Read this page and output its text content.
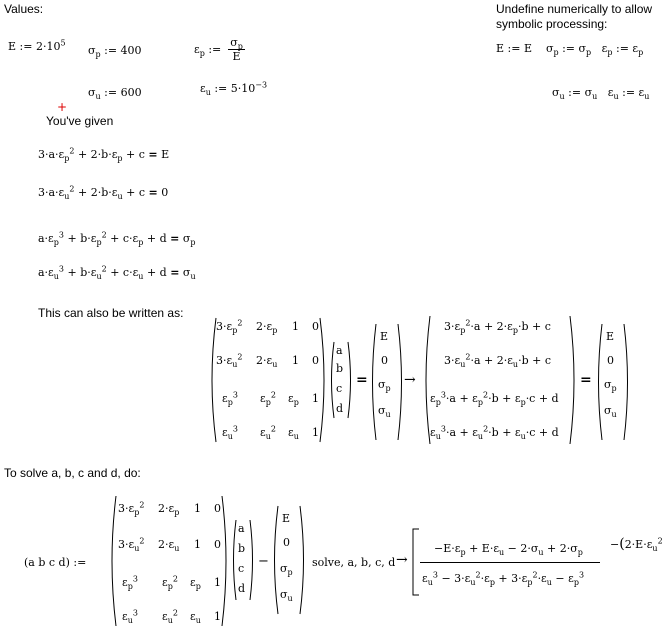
Values:
E := $2\cdot 10^5$
$\sigma_p$ := 400	$\varepsilon_p$ := $\frac{\sigma_p}{E}$
$\sigma_u$ := 600	$\varepsilon_u$ := $5\cdot 10^{-3}$
+
You've given
Undefine numerically to allow
symbolic processing:
E := E    $\sigma_p$ := $\sigma_p$   $\varepsilon_p$ := $\varepsilon_p$
$\sigma_u$ := $\sigma_u$   $\varepsilon_u$ := $\varepsilon_u$
$3\cdot a\cdot\varepsilon_p^2 + 2\cdot b\cdot\varepsilon_p + c = E$
$3\cdot a\cdot\varepsilon_u^2 + 2\cdot b\cdot\varepsilon_u + c = 0$
$a\cdot\varepsilon_p^3 + b\cdot\varepsilon_p^2 + c\cdot\varepsilon_p + d = \sigma_p$
$a\cdot\varepsilon_u^3 + b\cdot\varepsilon_u^2 + c\cdot\varepsilon_u + d = \sigma_u$
This can also be written as:
$3\cdot\varepsilon_p^2$ $2\cdot\varepsilon_p$ 1 0
$3\cdot\varepsilon_u^2$ $2\cdot\varepsilon_u$ 1 0
$\varepsilon_p^3$ $\varepsilon_p^2$ $\varepsilon_p$ 1
$\varepsilon_u^3$ $\varepsilon_u^2$ $\varepsilon_u$ 1
a
b
c
d
=
E
0
$\sigma_p$
$\sigma_u$
→
$3\cdot\varepsilon_p^2\cdot a + 2\cdot\varepsilon_p\cdot b + c$
$3\cdot\varepsilon_u^2\cdot a + 2\cdot\varepsilon_u\cdot b + c$
$\varepsilon_p^3\cdot a + \varepsilon_p^2\cdot b + \varepsilon_p\cdot c + d$
$\varepsilon_u^3\cdot a + \varepsilon_u^2\cdot b + \varepsilon_u\cdot c + d$
=
E
0
$\sigma_p$
$\sigma_u$
To solve a, b, c and d, do:
(a b c d) :=
$3\cdot\varepsilon_p^2$ $2\cdot\varepsilon_p$ 1 0
$3\cdot\varepsilon_u^2$ $2\cdot\varepsilon_u$ 1 0
$\varepsilon_p^3$ $\varepsilon_p^2$ $\varepsilon_p$ 1
$\varepsilon_u^3$ $\varepsilon_u^2$ $\varepsilon_u$ 1
a
b
c
d
−
E
0
$\sigma_p$
$\sigma_u$
solve, a, b, c, d →
$-E\cdot\varepsilon_p + E\cdot\varepsilon_u - 2\cdot\sigma_u + 2\cdot\sigma_p$
$\varepsilon_u^3 - 3\cdot\varepsilon_u^2\cdot\varepsilon_p + 3\cdot\varepsilon_p^2\cdot\varepsilon_u - \varepsilon_p^3$
$-(2\cdot E\cdot\varepsilon_u^2$
